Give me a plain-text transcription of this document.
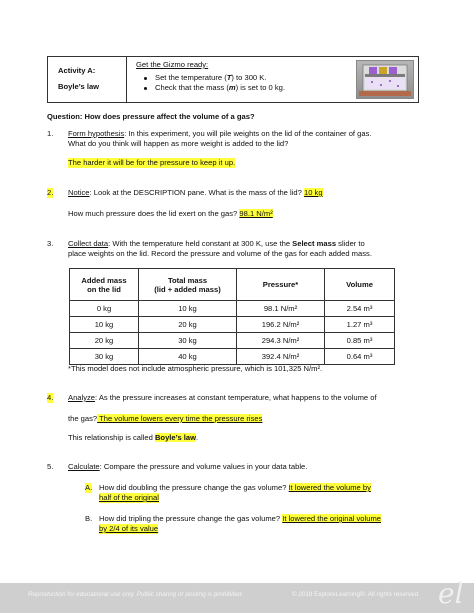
Activity A:
Boyle’s law
Get the Gizmo ready:
Set the temperature (T) to 300 K.
Check that the mass (m) is set to 0 kg.
Question: How does pressure affect the volume of a gas?
1. Form hypothesis: In this experiment, you will pile weights on the lid of the container of gas.
What do you think will happen as more weight is added to the lid?
The harder it will be for the pressure to keep it up.
2. Notice: Look at the DESCRIPTION pane. What is the mass of the lid? 10 kg
How much pressure does the lid exert on the gas? 98.1 N/m²
3. Collect data: With the temperature held constant at 300 K, use the Select mass slider to
place weights on the lid. Record the pressure and volume of the gas for each added mass.
Added mass
on the lid	Total mass
(lid + added mass)	Pressure*	Volume
0 kg	10 kg	98.1 N/m²	2.54 m³
10 kg	20 kg	196.2 N/m²	1.27 m³
20 kg	30 kg	294.3 N/m²	0.85 m³
30 kg	40 kg	392.4 N/m²	0.64 m³
*This model does not include atmospheric pressure, which is 101,325 N/m².
4. Analyze: As the pressure increases at constant temperature, what happens to the volume of
the gas? The volume lowers every time the pressure rises
This relationship is called Boyle’s law.
5. Calculate: Compare the pressure and volume values in your data table.
A. How did doubling the pressure change the gas volume? It lowered the volume by
half of the original
B. How did tripling the pressure change the gas volume? It lowered the original volume
by 2/4 of its value
Reproduction for educational use only. Public sharing or posting is prohibited.	© 2019 ExploreLearning®. All rights reserved el
